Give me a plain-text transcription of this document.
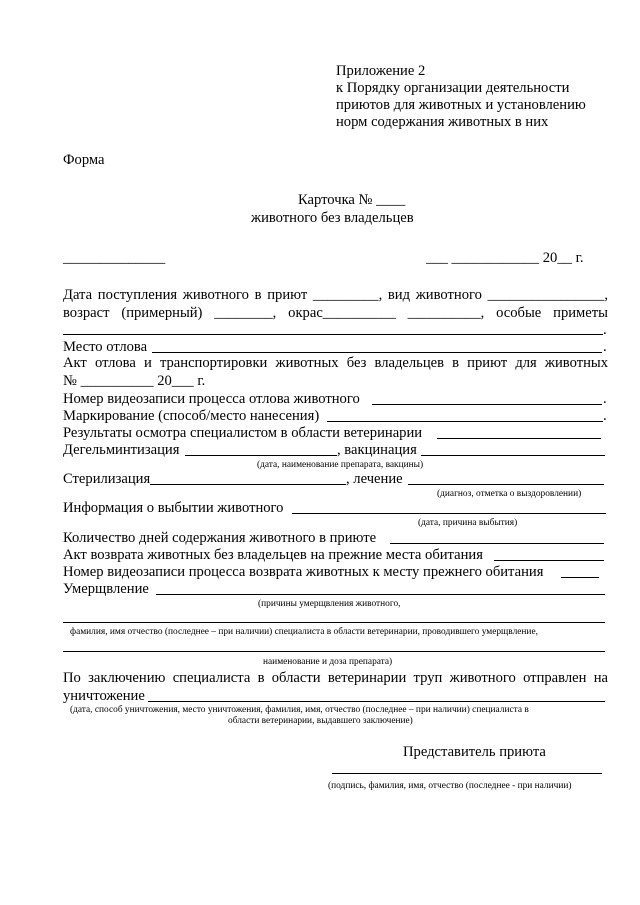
Приложение 2
к Порядку организации деятельности
приютов для животных и установлению
норм содержания животных в них
Форма
Карточка № ____
животного без владельцев
______________	___ ____________ 20__ г.
Дата поступления животного в приют _________, вид животного ________________,
возраст (примерный) ________, окрас__________ __________, особые приметы
.
Место отлова	.
Акт отлова и транспортировки животных без владельцев в приют для животных
№ __________ 20___ г.
Номер видеозаписи процесса отлова животного	.
Маркирование (способ/место нанесения)	.
Результаты осмотра специалистом в области ветеринарии
Дегельминтизация	, вакцинация
(дата, наименование препарата, вакцины)
Стерилизация	, лечение
(диагноз, отметка о выздоровлении)
Информация о выбытии животного
(дата, причина выбытия)
Количество дней содержания животного в приюте
Акт возврата животных без владельцев на прежние места обитания
Номер видеозаписи процесса возврата животных к месту прежнего обитания
Умерщвление
(причины умерщвления животного,
фамилия, имя отчество (последнее – при наличии) специалиста в области ветеринарии, проводившего умерщвление,
наименование и доза препарата)
По заключению специалиста в области ветеринарии труп животного отправлен на
уничтожение
(дата, способ уничтожения, место уничтожения, фамилия, имя, отчество (последнее – при наличии) специалиста в
области ветеринарии, выдавшего заключение)
Представитель приюта
(подпись, фамилия, имя, отчество (последнее - при наличии)
